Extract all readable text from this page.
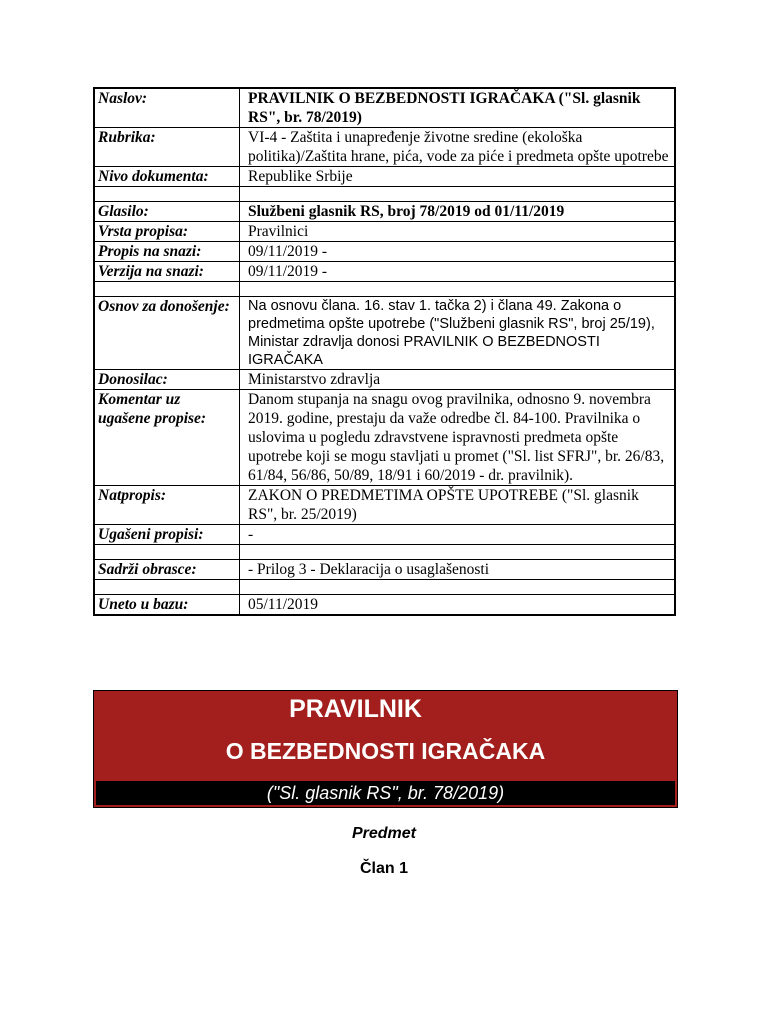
Naslov:	PRAVILNIK O BEZBEDNOSTI IGRAČAKA ("Sl. glasnik RS", br. 78/2019)
Rubrika:	VI-4 - Zaštita i unapređenje životne sredine (ekološka politika)/Zaštita hrane, pića, vode za piće i predmeta opšte upotrebe
Nivo dokumenta:	Republike Srbije

Glasilo:	Službeni glasnik RS, broj 78/2019 od 01/11/2019
Vrsta propisa:	Pravilnici
Propis na snazi:	09/11/2019 -
Verzija na snazi:	09/11/2019 -

Osnov za donošenje:	Na osnovu člana. 16. stav 1. tačka 2) i člana 49. Zakona o predmetima opšte upotrebe ("Službeni glasnik RS", broj 25/19), Ministar zdravlja donosi PRAVILNIK O BEZBEDNOSTI IGRAČAKA
Donosilac:	Ministarstvo zdravlja
Komentar uz ugašene propise:	Danom stupanja na snagu ovog pravilnika, odnosno 9. novembra 2019. godine, prestaju da važe odredbe čl. 84-100. Pravilnika o uslovima u pogledu zdravstvene ispravnosti predmeta opšte upotrebe koji se mogu stavljati u promet ("Sl. list SFRJ", br. 26/83, 61/84, 56/86, 50/89, 18/91 i 60/2019 - dr. pravilnik).
Natpropis:	ZAKON O PREDMETIMA OPŠTE UPOTREBE ("Sl. glasnik RS", br. 25/2019)
Ugašeni propisi:	-

Sadrži obrasce:	- Prilog 3 - Deklaracija o usaglašenosti

Uneto u bazu:	05/11/2019
PRAVILNIK
O BEZBEDNOSTI IGRAČAKA
("Sl. glasnik RS", br. 78/2019)
Predmet
Član 1
